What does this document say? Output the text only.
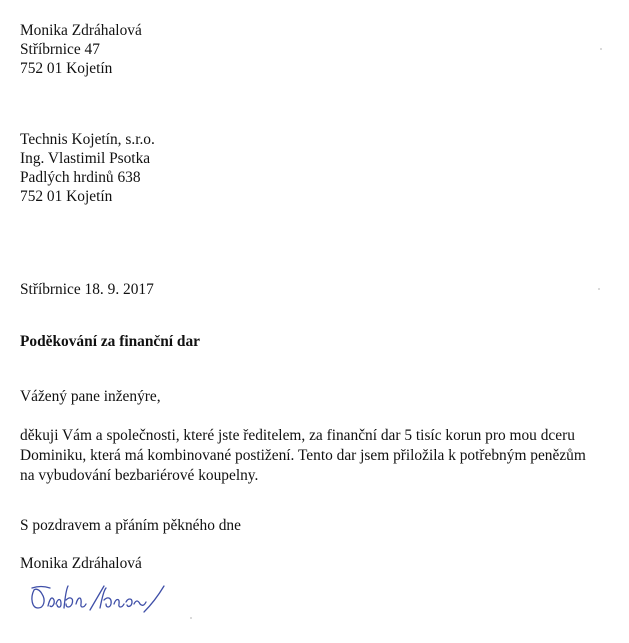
Monika Zdráhalová
Stříbrnice 47
752 01 Kojetín
Technis Kojetín, s.r.o.
Ing. Vlastimil Psotka
Padlých hrdinů 638
752 01 Kojetín
Stříbrnice 18. 9. 2017
Poděkování za finanční dar
Vážený pane inženýre,
děkuji Vám a společnosti, které jste ředitelem, za finanční dar 5 tisíc korun pro mou dceru
Dominiku, která má kombinované postižení. Tento dar jsem přiložila k potřebným penězům
na vybudování bezbariérové koupelny.
S pozdravem a přáním pěkného dne
Monika Zdráhalová
